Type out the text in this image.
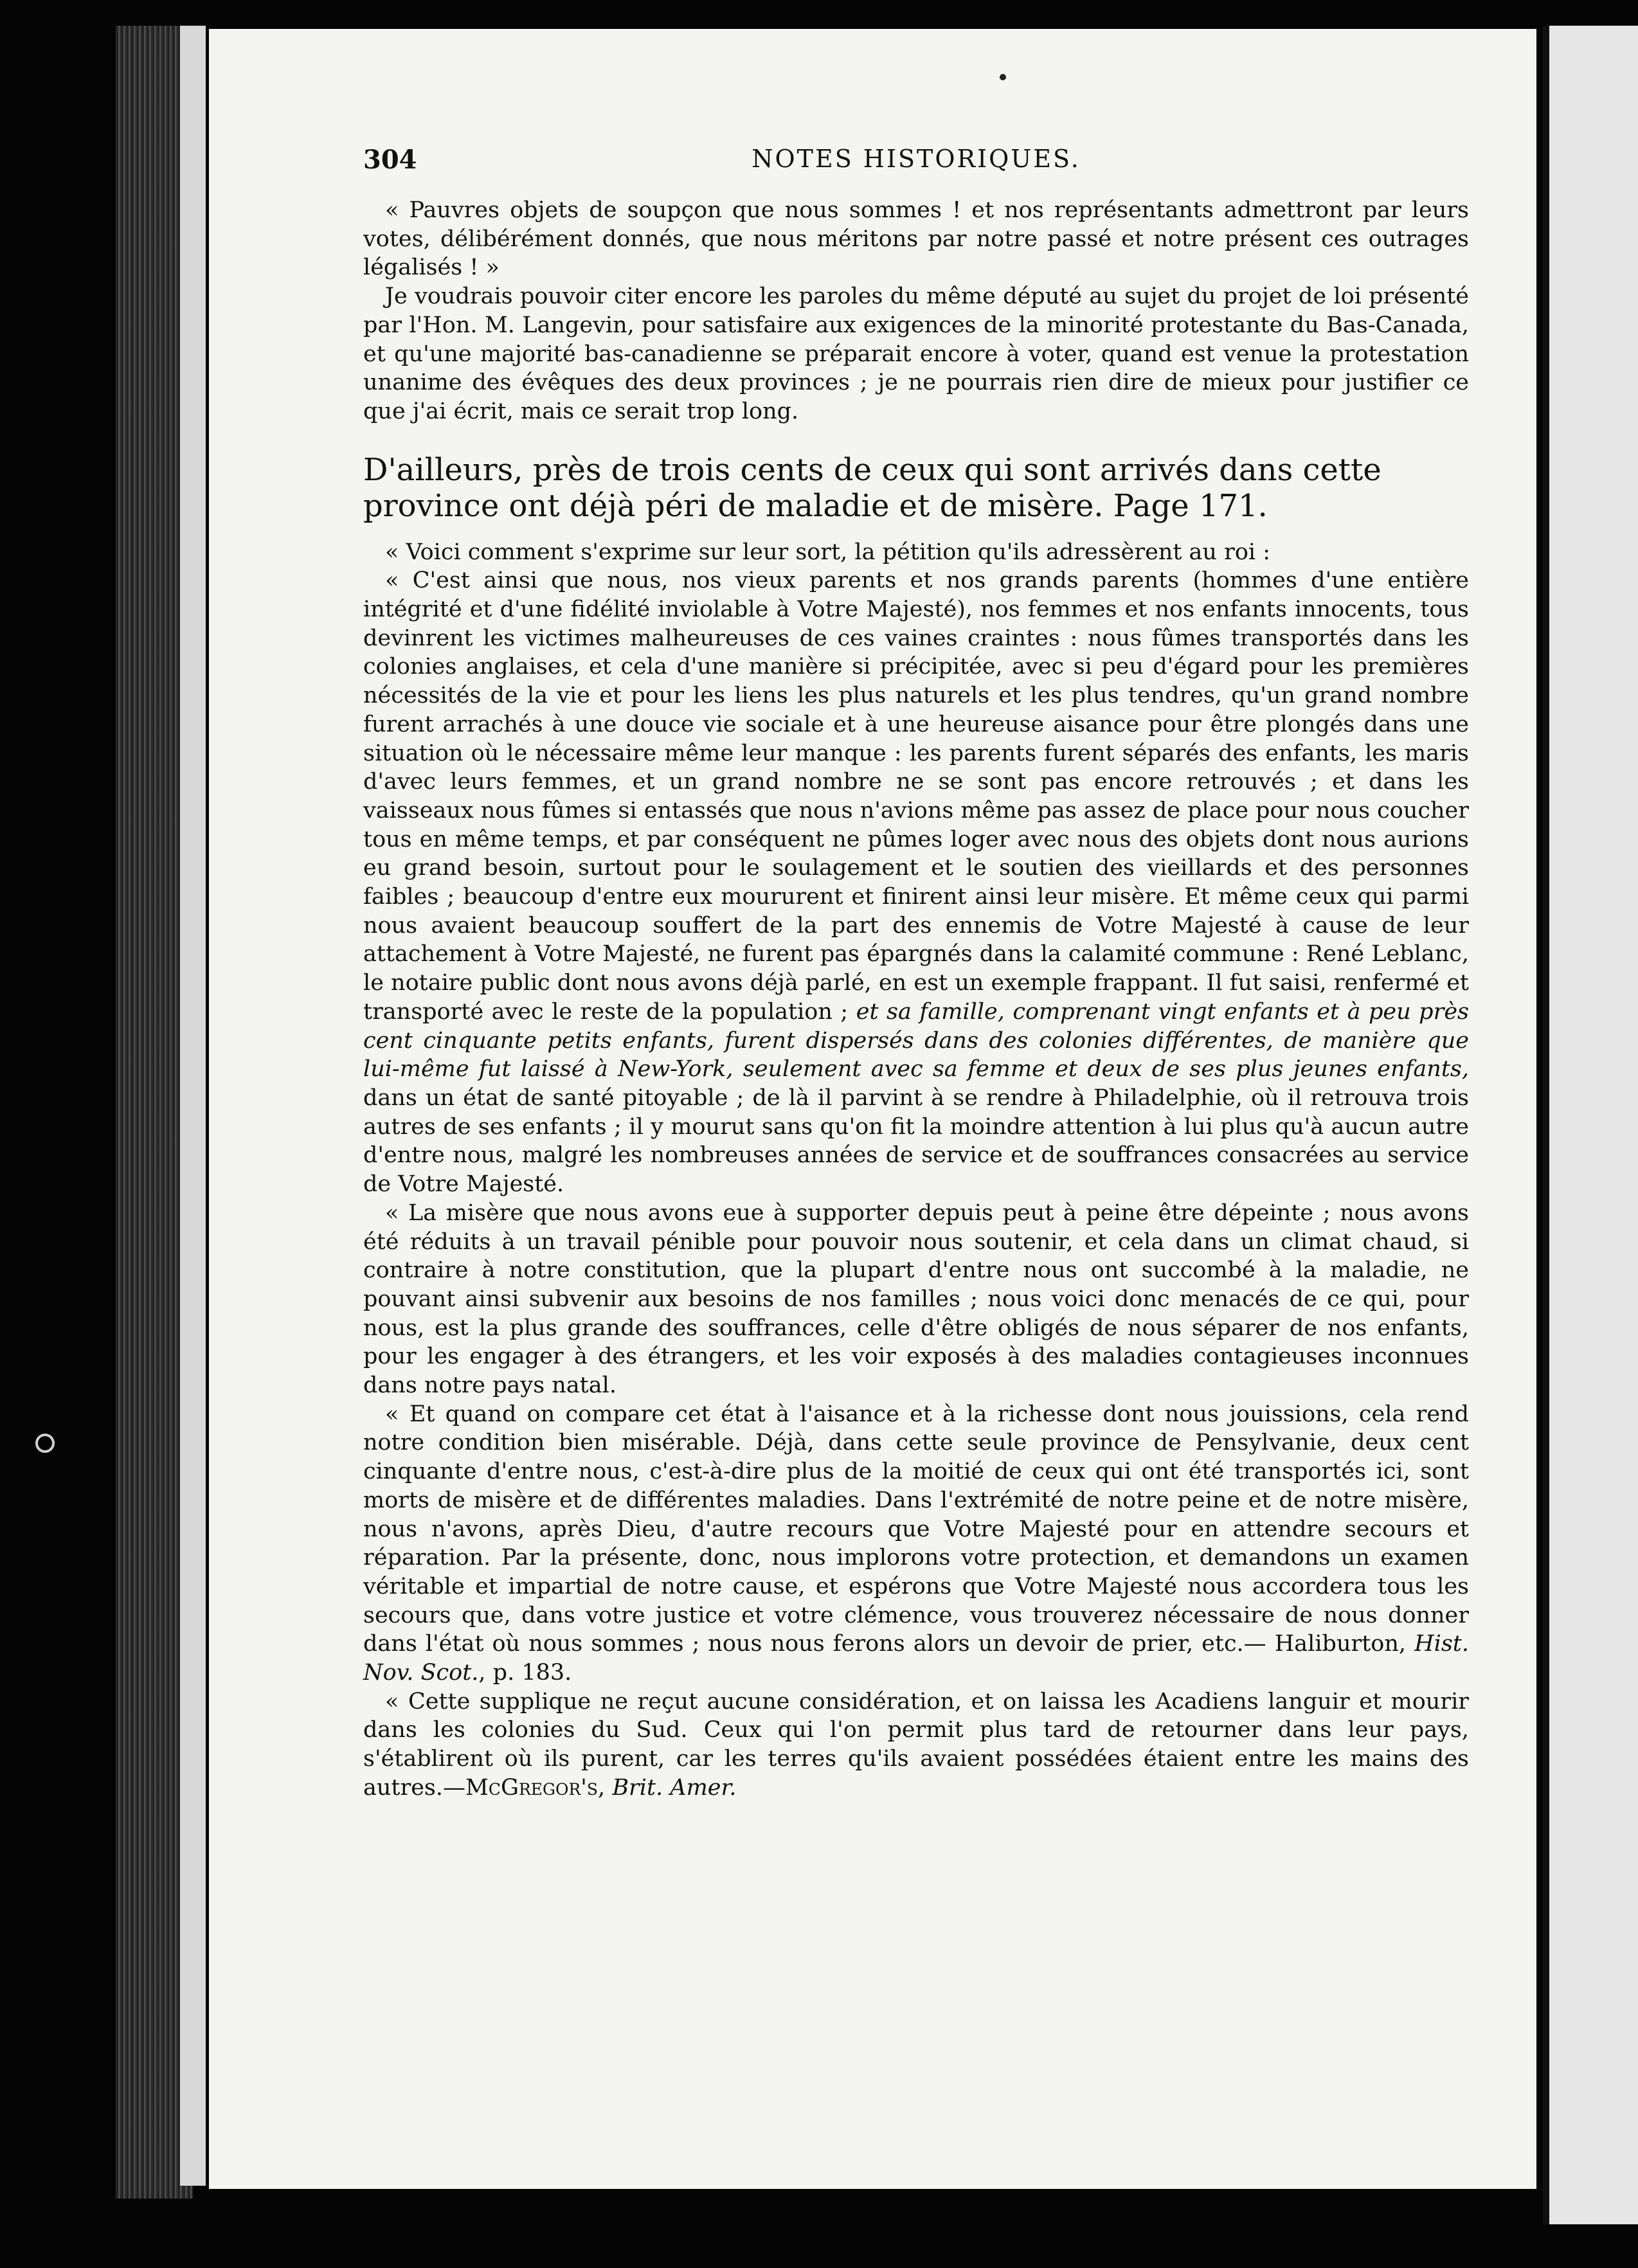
304	NOTES HISTORIQUES.

« Pauvres objets de soupçon que nous sommes ! et nos représentants admettront par leurs votes, délibérément donnés, que nous méritons par notre passé et notre présent ces outrages légalisés ! »

Je voudrais pouvoir citer encore les paroles du même député au sujet du projet de loi présenté par l'Hon. M. Langevin, pour satisfaire aux exigences de la minorité protestante du Bas-Canada, et qu'une majorité bas-canadienne se préparait encore à voter, quand est venue la protestation unanime des évêques des deux provinces ; je ne pourrais rien dire de mieux pour justifier ce que j'ai écrit, mais ce serait trop long.

D'ailleurs, près de trois cents de ceux qui sont arrivés dans cette province ont déjà péri de maladie et de misère. Page 171.

« Voici comment s'exprime sur leur sort, la pétition qu'ils adressèrent au roi :

« C'est ainsi que nous, nos vieux parents et nos grands parents (hommes d'une entière intégrité et d'une fidélité inviolable à Votre Majesté), nos femmes et nos enfants innocents, tous devinrent les victimes malheureuses de ces vaines craintes : nous fûmes transportés dans les colonies anglaises, et cela d'une manière si précipitée, avec si peu d'égard pour les premières nécessités de la vie et pour les liens les plus naturels et les plus tendres, qu'un grand nombre furent arrachés à une douce vie sociale et à une heureuse aisance pour être plongés dans une situation où le nécessaire même leur manque : les parents furent séparés des enfants, les maris d'avec leurs femmes, et un grand nombre ne se sont pas encore retrouvés ; et dans les vaisseaux nous fûmes si entassés que nous n'avions même pas assez de place pour nous coucher tous en même temps, et par conséquent ne pûmes loger avec nous des objets dont nous aurions eu grand besoin, surtout pour le soulagement et le soutien des vieillards et des personnes faibles ; beaucoup d'entre eux moururent et finirent ainsi leur misère. Et même ceux qui parmi nous avaient beaucoup souffert de la part des ennemis de Votre Majesté à cause de leur attachement à Votre Majesté, ne furent pas épargnés dans la calamité commune : René Leblanc, le notaire public dont nous avons déjà parlé, en est un exemple frappant. Il fut saisi, renfermé et transporté avec le reste de la population ; et sa famille, comprenant vingt enfants et à peu près cent cinquante petits enfants, furent dispersés dans des colonies différentes, de manière que lui-même fut laissé à New-York, seulement avec sa femme et deux de ses plus jeunes enfants, dans un état de santé pitoyable ; de là il parvint à se rendre à Philadelphie, où il retrouva trois autres de ses enfants ; il y mourut sans qu'on fit la moindre attention à lui plus qu'à aucun autre d'entre nous, malgré les nombreuses années de service et de souffrances consacrées au service de Votre Majesté.

« La misère que nous avons eue à supporter depuis peut à peine être dépeinte ; nous avons été réduits à un travail pénible pour pouvoir nous soutenir, et cela dans un climat chaud, si contraire à notre constitution, que la plupart d'entre nous ont succombé à la maladie, ne pouvant ainsi subvenir aux besoins de nos familles ; nous voici donc menacés de ce qui, pour nous, est la plus grande des souffrances, celle d'être obligés de nous séparer de nos enfants, pour les engager à des étrangers, et les voir exposés à des maladies contagieuses inconnues dans notre pays natal.

« Et quand on compare cet état à l'aisance et à la richesse dont nous jouissions, cela rend notre condition bien misérable. Déjà, dans cette seule province de Pensylvanie, deux cent cinquante d'entre nous, c'est-à-dire plus de la moitié de ceux qui ont été transportés ici, sont morts de misère et de différentes maladies. Dans l'extrémité de notre peine et de notre misère, nous n'avons, après Dieu, d'autre recours que Votre Majesté pour en attendre secours et réparation. Par la présente, donc, nous implorons votre protection, et demandons un examen véritable et impartial de notre cause, et espérons que Votre Majesté nous accordera tous les secours que, dans votre justice et votre clémence, vous trouverez nécessaire de nous donner dans l'état où nous sommes ; nous nous ferons alors un devoir de prier, etc.— Haliburton, Hist. Nov. Scot., p. 183.

« Cette supplique ne reçut aucune considération, et on laissa les Acadiens languir et mourir dans les colonies du Sud. Ceux qui l'on permit plus tard de retourner dans leur pays, s'établirent où ils purent, car les terres qu'ils avaient possédées étaient entre les mains des autres.—McGregor's, Brit. Amer.
